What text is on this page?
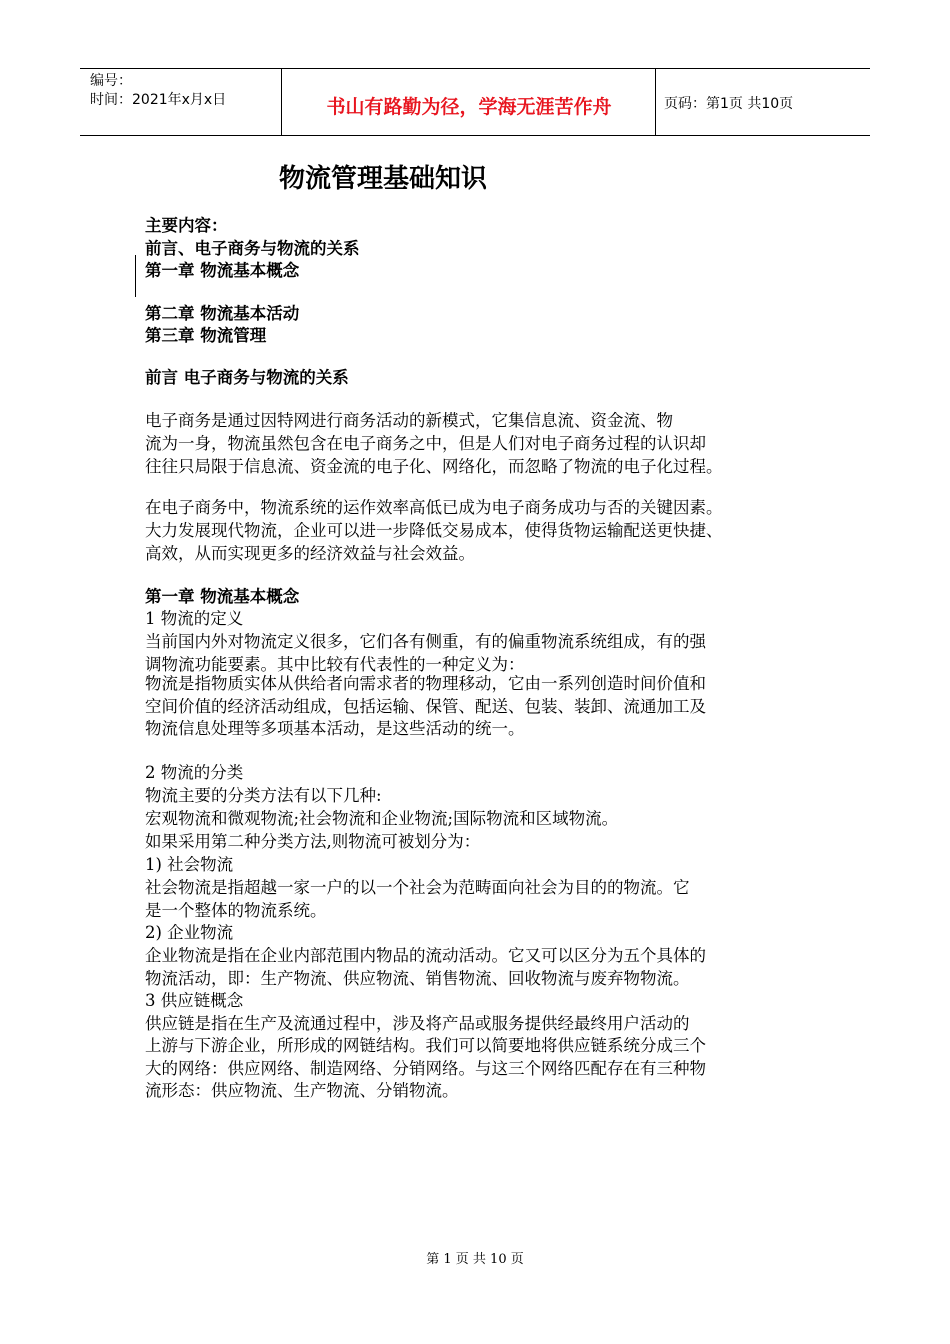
编号：
时间：2021年x月x日	书山有路勤为径，学海无涯苦作舟	页码：第1页 共10页
物流管理基础知识
主要内容：
前言、电子商务与物流的关系
第一章 物流基本概念
第二章 物流基本活动
第三章 物流管理
前言 电子商务与物流的关系
电子商务是通过因特网进行商务活动的新模式，它集信息流、资金流、物
流为一身，物流虽然包含在电子商务之中，但是人们对电子商务过程的认识却
往往只局限于信息流、资金流的电子化、网络化，而忽略了物流的电子化过程。
在电子商务中，物流系统的运作效率高低已成为电子商务成功与否的关键因素。
大力发展现代物流，企业可以进一步降低交易成本，使得货物运输配送更快捷、
高效，从而实现更多的经济效益与社会效益。
第一章 物流基本概念
1 物流的定义
当前国内外对物流定义很多，它们各有侧重，有的偏重物流系统组成，有的强
调物流功能要素。其中比较有代表性的一种定义为：
物流是指物质实体从供给者向需求者的物理移动，它由一系列创造时间价值和
空间价值的经济活动组成，包括运输、保管、配送、包装、装卸、流通加工及
物流信息处理等多项基本活动，是这些活动的统一。
2 物流的分类
物流主要的分类方法有以下几种:
宏观物流和微观物流;社会物流和企业物流;国际物流和区域物流。
如果采用第二种分类方法,则物流可被划分为：
1) 社会物流
社会物流是指超越一家一户的以一个社会为范畴面向社会为目的的物流。它
是一个整体的物流系统。
2) 企业物流
企业物流是指在企业内部范围内物品的流动活动。它又可以区分为五个具体的
物流活动，即：生产物流、供应物流、销售物流、回收物流与废弃物物流。
3 供应链概念
供应链是指在生产及流通过程中，涉及将产品或服务提供经最终用户活动的
上游与下游企业，所形成的网链结构。我们可以简要地将供应链系统分成三个
大的网络：供应网络、制造网络、分销网络。与这三个网络匹配存在有三种物
流形态：供应物流、生产物流、分销物流。
第 1 页 共 10 页
